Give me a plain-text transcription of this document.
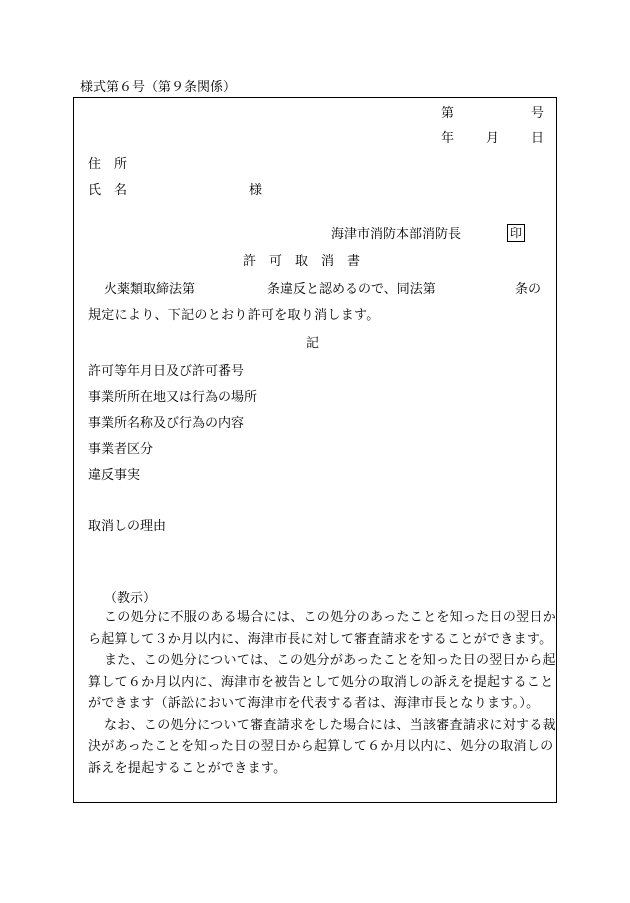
様式第６号（第９条関係）
第	号
年 月 日
住　所
氏　名	様
海津市消防本部消防長	印
許　可　取　消　書
火薬類取締法第	条違反と認めるので、同法第	条の
規定により、下記のとおり許可を取り消します。
記
許可等年月日及び許可番号
事業所所在地又は行為の場所
事業所名称及び行為の内容
事業者区分
違反事実
取消しの理由
（教示）
この処分に不服のある場合には、この処分のあったことを知った日の翌日か
ら起算して３か月以内に、海津市長に対して審査請求をすることができます。
また、この処分については、この処分があったことを知った日の翌日から起
算して６か月以内に、海津市を被告として処分の取消しの訴えを提起すること
ができます（訴訟において海津市を代表する者は、海津市長となります。）。
なお、この処分について審査請求をした場合には、当該審査請求に対する裁
決があったことを知った日の翌日から起算して６か月以内に、処分の取消しの
訴えを提起することができます。
